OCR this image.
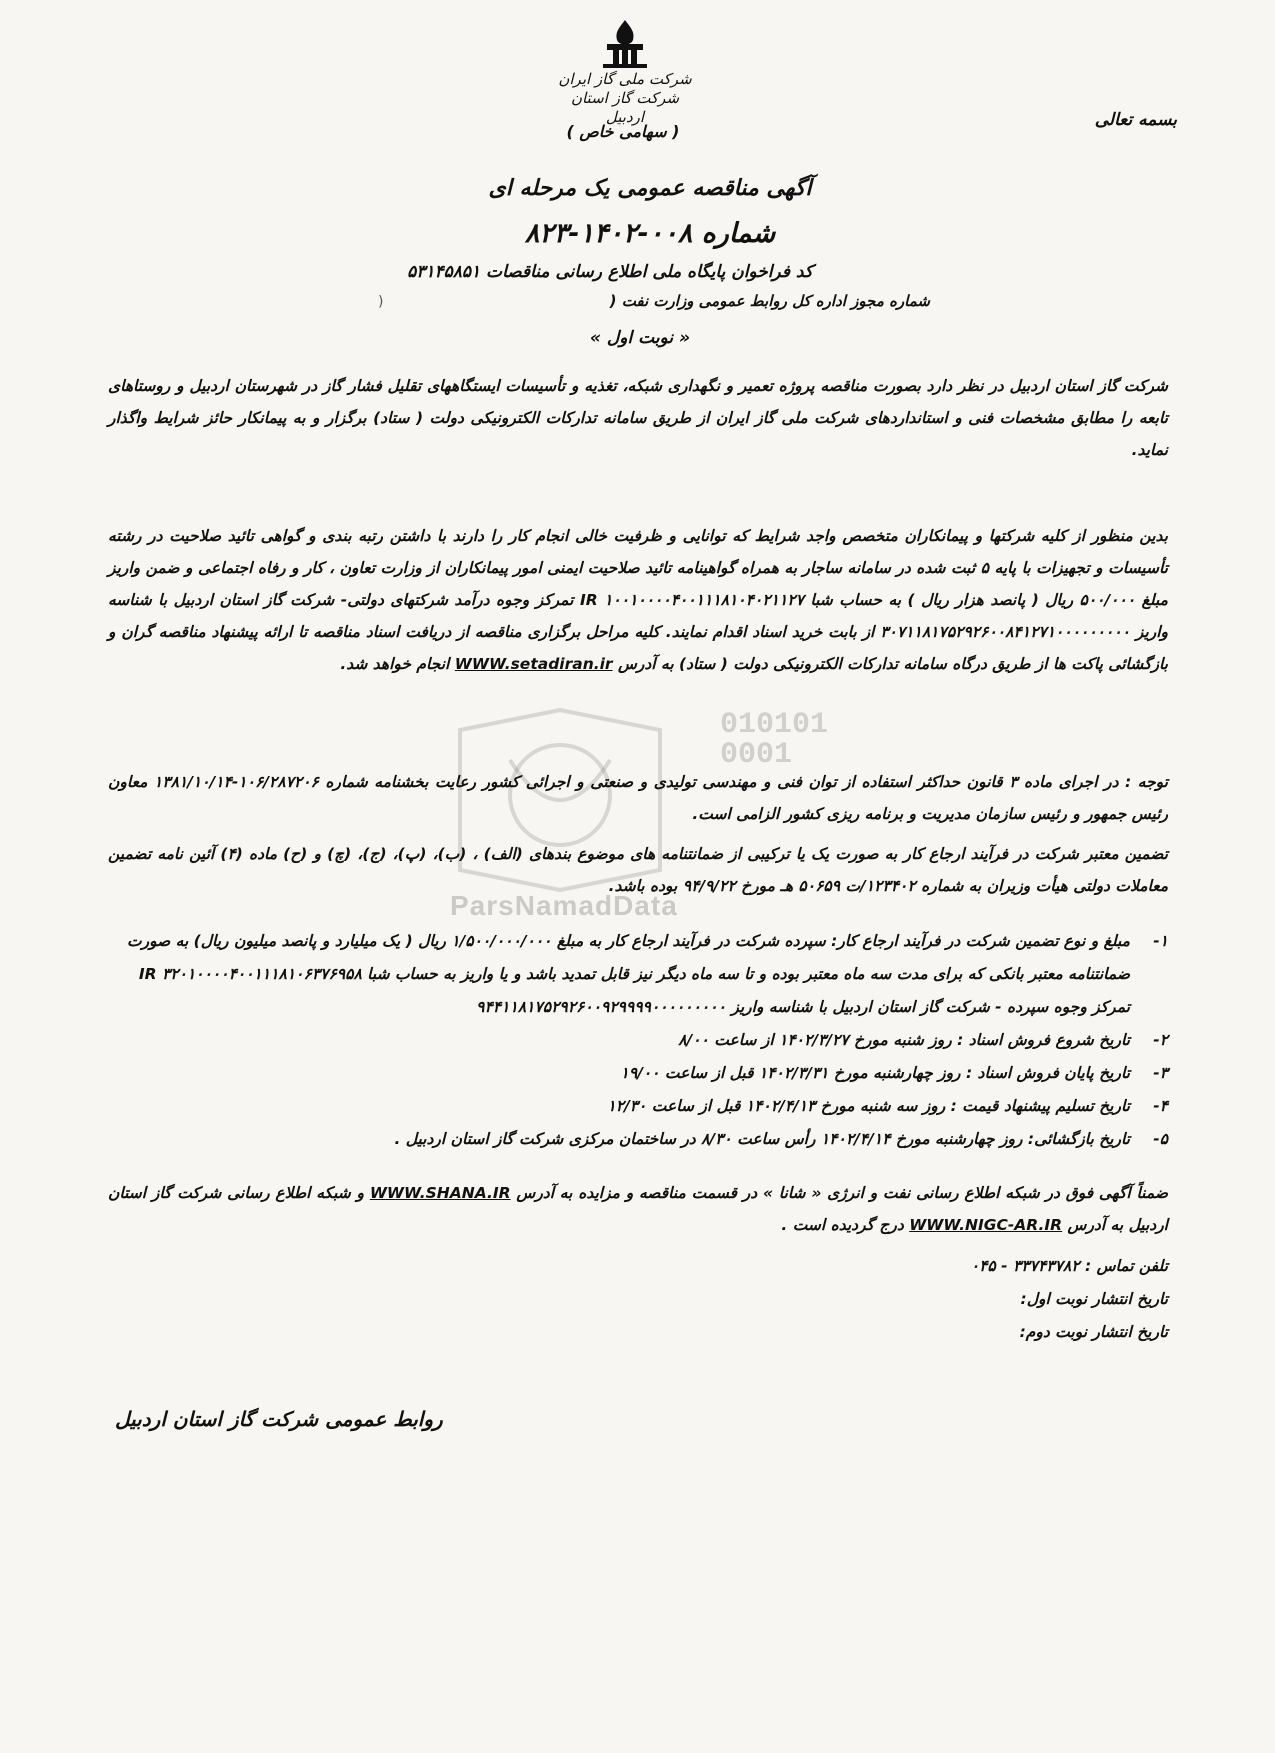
شرکت ملی گاز ایران
شرکت گاز استان اردبیل
( سهامی خاص )
بسمه تعالی
آگهی مناقصه عمومی یک مرحله ای
شماره ۰۰۸-۱۴۰۲-۸۲۳
کد فراخوان پایگاه ملی اطلاع رسانی مناقصات ۵۳۱۴۵۸۵۱
شماره مجوز اداره کل روابط عمومی وزارت نفت (
)
« نوبت اول »
010101
0001
ParsNamadData
شرکت گاز استان اردبیل در نظر دارد بصورت مناقصه پروژه تعمیر و نگهداری شبکه، تغذیه و تأسیسات ایستگاههای تقلیل فشار گاز در شهرستان اردبیل و روستاهای تابعه را مطابق مشخصات فنی و استانداردهای شرکت ملی گاز ایران از طریق سامانه تدارکات الکترونیکی دولت ( ستاد) برگزار و به پیمانکار حائز شرایط واگذار نماید.
بدین منظور از کلیه شرکتها و پیمانکاران متخصص واجد شرایط که توانایی و ظرفیت خالی انجام کار را دارند با داشتن رتبه بندی و گواهی تائید صلاحیت در رشته تأسیسات و تجهیزات با پایه ۵ ثبت شده در سامانه ساجار به همراه گواهینامه تائید صلاحیت ایمنی امور پیمانکاران از وزارت تعاون ، کار و رفاه اجتماعی و ضمن واریز مبلغ ۵۰۰/۰۰۰ ریال ( پانصد هزار ریال ) به حساب شبا IR ۱۰۰۱۰۰۰۰۴۰۰۱۱۱۸۱۰۴۰۲۱۱۲۷ تمرکز وجوه درآمد شرکتهای دولتی- شرکت گاز استان اردبیل با شناسه واریز ۳۰۷۱۱۸۱۷۵۲۹۲۶۰۰۸۴۱۲۷۱۰۰۰۰۰۰۰۰۰ از بابت خرید اسناد اقدام نمایند. کلیه مراحل برگزاری مناقصه از دریافت اسناد مناقصه تا ارائه پیشنهاد مناقصه گران و بازگشائی پاکت ها از طریق درگاه سامانه تدارکات الکترونیکی دولت ( ستاد) به آدرس WWW.setadiran.ir انجام خواهد شد.
توجه : در اجرای ماده ۳ قانون حداکثر استفاده از توان فنی و مهندسی تولیدی و صنعتی و اجرائی کشور رعایت بخشنامه شماره ۱۰۶/۲۸۷۲۰۶-۱۳۸۱/۱۰/۱۴ معاون رئیس جمهور و رئیس سازمان مدیریت و برنامه ریزی کشور الزامی است.
تضمین معتبر شرکت در فرآیند ارجاع کار به صورت یک یا ترکیبی از ضمانتنامه های موضوع بندهای (الف) ، (ب)، (پ)، (ج)، (چ) و (ح) ماده (۴) آئین نامه تضمین معاملات دولتی هیأت وزیران به شماره ۱۲۳۴۰۲/ت ۵۰۶۵۹ هـ مورخ ۹۴/۹/۲۲ بوده باشد.
۱-
مبلغ و نوع تضمین شرکت در فرآیند ارجاع کار: سپرده شرکت در فرآیند ارجاع کار به مبلغ ۱/۵۰۰/۰۰۰/۰۰۰ ریال ( یک میلیارد و پانصد میلیون ریال) به صورت ضمانتنامه معتبر بانکی که برای مدت سه ماه معتبر بوده و تا سه ماه دیگر نیز قابل تمدید باشد و یا واریز به حساب شبا IR ۳۲۰۱۰۰۰۰۴۰۰۱۱۱۸۱۰۶۳۷۶۹۵۸ تمرکز وجوه سپرده - شرکت گاز استان اردبیل با شناسه واریز ۹۴۴۱۱۸۱۷۵۲۹۲۶۰۰۹۲۹۹۹۹۰۰۰۰۰۰۰۰۰
۲-
تاریخ شروع فروش اسناد : روز شنبه مورخ ۱۴۰۲/۳/۲۷ از ساعت ۸/۰۰
۳-
تاریخ پایان فروش اسناد : روز چهارشنبه مورخ ۱۴۰۲/۳/۳۱ قبل از ساعت ۱۹/۰۰
۴-
تاریخ تسلیم پیشنهاد قیمت : روز سه شنبه مورخ ۱۴۰۲/۴/۱۳ قبل از ساعت ۱۲/۳۰
۵-
تاریخ بازگشائی: روز چهارشنبه مورخ ۱۴۰۲/۴/۱۴ رأس ساعت ۸/۳۰ در ساختمان مرکزی شرکت گاز استان اردبیل .
ضمناً آگهی فوق در شبکه اطلاع رسانی نفت و انرژی « شانا » در قسمت مناقصه و مزایده به آدرس WWW.SHANA.IR و شبکه اطلاع رسانی شرکت گاز استان اردبیل به آدرس WWW.NIGC-AR.IR درج گردیده است .
تلفن تماس : ۳۳۷۴۳۷۸۲ - ۰۴۵
تاریخ انتشار نوبت اول:
تاریخ انتشار نوبت دوم:
روابط عمومی شرکت گاز استان اردبیل
